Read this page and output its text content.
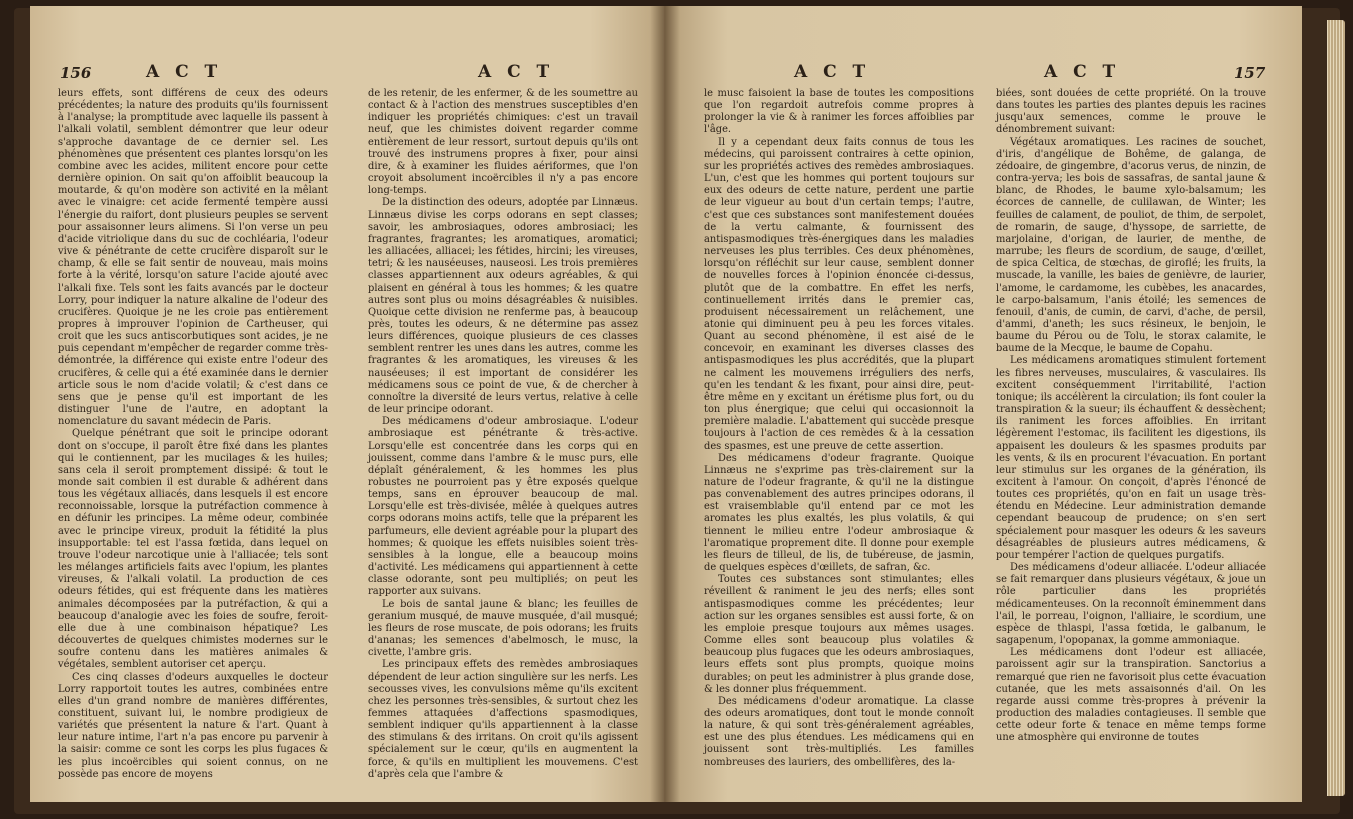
156	A C T	A C T

leurs effets, sont différens de ceux des odeurs précédentes; la nature des produits qu'ils fournissent à l'analyse; la promptitude avec laquelle ils passent à l'alkali volatil, semblent démontrer que leur odeur s'approche davantage de ce dernier sel. Les phénomènes que présentent ces plantes lorsqu'on les combine avec les acides, militent encore pour cette dernière opinion. On sait qu'on affoiblit beaucoup la moutarde, & qu'on modère son activité en la mêlant avec le vinaigre: cet acide fermenté tempère aussi l'énergie du raifort, dont plusieurs peuples se servent pour assaisonner leurs alimens. Si l'on verse un peu d'acide vitriolique dans du suc de cochléaria, l'odeur vive & pénétrante de cette crucifère disparoît sur le champ, & elle se fait sentir de nouveau, mais moins forte à la vérité, lorsqu'on sature l'acide ajouté avec l'alkali fixe. Tels sont les faits avancés par le docteur Lorry, pour indiquer la nature alkaline de l'odeur des crucifères. Quoique je ne les croie pas entièrement propres à improuver l'opinion de Cartheuser, qui croit que les sucs antiscorbutiques sont acides, je ne puis cependant m'empêcher de regarder comme très-démontrée, la différence qui existe entre l'odeur des crucifères, & celle qui a été examinée dans le dernier article sous le nom d'acide volatil; & c'est dans ce sens que je pense qu'il est important de les distinguer l'une de l'autre, en adoptant la nomenclature du savant médecin de Paris.

Quelque pénétrant que soit le principe odorant dont on s'occupe, il paroît être fixé dans les plantes qui le contiennent, par les mucilages & les huiles; sans cela il seroit promptement dissipé: & tout le monde sait combien il est durable & adhérent dans tous les végétaux alliacés, dans lesquels il est encore reconnoissable, lorsque la putréfaction commence à en défunir les principes. La même odeur, combinée avec le principe vireux, produit la fétidité la plus insupportable: tel est l'assa fœtida, dans lequel on trouve l'odeur narcotique unie à l'alliacée; tels sont les mélanges artificiels faits avec l'opium, les plantes vireuses, & l'alkali volatil. La production de ces odeurs fétides, qui est fréquente dans les matières animales décomposées par la putréfaction, & qui a beaucoup d'analogie avec les foies de soufre, feroit-elle due à une combinaison hépatique? Les découvertes de quelques chimistes modernes sur le soufre contenu dans les matières animales & végétales, semblent autoriser cet aperçu.

Ces cinq classes d'odeurs auxquelles le docteur Lorry rapportoit toutes les autres, combinées entre elles d'un grand nombre de manières différentes, constituent, suivant lui, le nombre prodigieux de variétés que présentent la nature & l'art. Quant à leur nature intime, l'art n'a pas encore pu parvenir à la saisir: comme ce sont les corps les plus fugaces & les plus incoërcibles qui soient connus, on ne possède pas encore de moyens

de les retenir, de les enfermer, & de les soumettre au contact & à l'action des menstrues susceptibles d'en indiquer les propriétés chimiques: c'est un travail neuf, que les chimistes doivent regarder comme entièrement de leur ressort, surtout depuis qu'ils ont trouvé des instrumens propres à fixer, pour ainsi dire, & à examiner les fluides aériformes, que l'on croyoit absolument incoërcibles il n'y a pas encore long-temps.

De la distinction des odeurs, adoptée par Linnæus. Linnæus divise les corps odorans en sept classes; savoir, les ambrosiaques, odores ambrosiaci; les fragrantes, fragrantes; les aromatiques, aromatici; les alliacées, alliacei; les fétides, hircini; les vireuses, tetri; & les nauséeuses, nauseosi. Les trois premières classes appartiennent aux odeurs agréables, & qui plaisent en général à tous les hommes; & les quatre autres sont plus ou moins désagréables & nuisibles. Quoique cette division ne renferme pas, à beaucoup près, toutes les odeurs, & ne détermine pas assez leurs différences, quoique plusieurs de ces classes semblent rentrer les unes dans les autres, comme les fragrantes & les aromatiques, les vireuses & les nauséeuses; il est important de considérer les médicamens sous ce point de vue, & de chercher à connoître la diversité de leurs vertus, relative à celle de leur principe odorant.

Des médicamens d'odeur ambrosiaque. L'odeur ambrosiaque est pénétrante & très-active. Lorsqu'elle est concentrée dans les corps qui en jouissent, comme dans l'ambre & le musc purs, elle déplaît généralement, & les hommes les plus robustes ne pourroient pas y être exposés quelque temps, sans en éprouver beaucoup de mal. Lorsqu'elle est très-divisée, mêlée à quelques autres corps odorans moins actifs, telle que la préparent les parfumeurs, elle devient agréable pour la plupart des hommes; & quoique les effets nuisibles soient très-sensibles à la longue, elle a beaucoup moins d'activité. Les médicamens qui appartiennent à cette classe odorante, sont peu multipliés; on peut les rapporter aux suivans.

Le bois de santal jaune & blanc; les feuilles de geranium musqué, de mauve musquée, d'ail musqué; les fleurs de rose muscate, de pois odorans; les fruits d'ananas; les semences d'abelmosch, le musc, la civette, l'ambre gris.

Les principaux effets des remèdes ambrosiaques dépendent de leur action singulière sur les nerfs. Les secousses vives, les convulsions même qu'ils excitent chez les personnes très-sensibles, & surtout chez les femmes attaquées d'affections spasmodiques, semblent indiquer qu'ils appartiennent à la classe des stimulans & des irritans. On croit qu'ils agissent spécialement sur le cœur, qu'ils en augmentent la force, & qu'ils en multiplient les mouvemens. C'est d'après cela que l'ambre &

A C T	A C T	157

le musc faisoient la base de toutes les compositions que l'on regardoit autrefois comme propres à prolonger la vie & à ranimer les forces affoiblies par l'âge.

Il y a cependant deux faits connus de tous les médecins, qui paroissent contraires à cette opinion, sur les propriétés actives des remèdes ambrosiaques. L'un, c'est que les hommes qui portent toujours sur eux des odeurs de cette nature, perdent une partie de leur vigueur au bout d'un certain temps; l'autre, c'est que ces substances sont manifestement douées de la vertu calmante, & fournissent des antispasmodiques très-énergiques dans les maladies nerveuses les plus terribles. Ces deux phénomènes, lorsqu'on réfléchit sur leur cause, semblent donner de nouvelles forces à l'opinion énoncée ci-dessus, plutôt que de la combattre. En effet les nerfs, continuellement irrités dans le premier cas, produisent nécessairement un relâchement, une atonie qui diminuent peu à peu les forces vitales. Quant au second phénomène, il est aisé de le concevoir, en examinant les diverses classes des antispasmodiques les plus accrédités, que la plupart ne calment les mouvemens irréguliers des nerfs, qu'en les tendant & les fixant, pour ainsi dire, peut-être même en y excitant un érétisme plus fort, ou du ton plus énergique; que celui qui occasionnoit la première maladie. L'abattement qui succède presque toujours à l'action de ces remèdes & à la cessation des spasmes, est une preuve de cette assertion.

Des médicamens d'odeur fragrante. Quoique Linnæus ne s'exprime pas très-clairement sur la nature de l'odeur fragrante, & qu'il ne la distingue pas convenablement des autres principes odorans, il est vraisemblable qu'il entend par ce mot les aromates les plus exaltés, les plus volatils, & qui tiennent le milieu entre l'odeur ambrosiaque & l'aromatique proprement dite. Il donne pour exemple les fleurs de tilleul, de lis, de tubéreuse, de jasmin, de quelques espèces d'œillets, de safran, &c.

Toutes ces substances sont stimulantes; elles réveillent & raniment le jeu des nerfs; elles sont antispasmodiques comme les précédentes; leur action sur les organes sensibles est aussi forte, & on les emploie presque toujours aux mêmes usages. Comme elles sont beaucoup plus volatiles & beaucoup plus fugaces que les odeurs ambrosiaques, leurs effets sont plus prompts, quoique moins durables; on peut les administrer à plus grande dose, & les donner plus fréquemment.

Des médicamens d'odeur aromatique. La classe des odeurs aromatiques, dont tout le monde connoît la nature, & qui sont très-généralement agréables, est une des plus étendues. Les médicamens qui en jouissent sont très-multipliés. Les familles nombreuses des lauriers, des ombellifères, des la-

biées, sont douées de cette propriété. On la trouve dans toutes les parties des plantes depuis les racines jusqu'aux semences, comme le prouve le dénombrement suivant:

Végétaux aromatiques. Les racines de souchet, d'iris, d'angélique de Bohême, de galanga, de zédoaire, de gingembre, d'acorus verus, de ninzin, de contra-yerva; les bois de sassafras, de santal jaune & blanc, de Rhodes, le baume xylo-balsamum; les écorces de cannelle, de culilawan, de Winter; les feuilles de calament, de pouliot, de thim, de serpolet, de romarin, de sauge, d'hyssope, de sarriette, de marjolaine, d'origan, de laurier, de menthe, de marrube; les fleurs de scordium, de sauge, d'œillet, de spica Celtica, de stœchas, de giroflé; les fruits, la muscade, la vanille, les baies de genièvre, de laurier, l'amome, le cardamome, les cubèbes, les anacardes, le carpo-balsamum, l'anis étoilé; les semences de fenouil, d'anis, de cumin, de carvi, d'ache, de persil, d'ammi, d'aneth; les sucs résineux, le benjoin, le baume du Pérou ou de Tolu, le storax calamite, le baume de la Mecque, le baume de Copahu.

Les médicamens aromatiques stimulent fortement les fibres nerveuses, musculaires, & vasculaires. Ils excitent conséquemment l'irritabilité, l'action tonique; ils accélèrent la circulation; ils font couler la transpiration & la sueur; ils échauffent & dessèchent; ils raniment les forces affoiblies. En irritant légèrement l'estomac, ils facilitent les digestions, ils appaisent les douleurs & les spasmes produits par les vents, & ils en procurent l'évacuation. En portant leur stimulus sur les organes de la génération, ils excitent à l'amour. On conçoit, d'après l'énoncé de toutes ces propriétés, qu'on en fait un usage très-étendu en Médecine. Leur administration demande cependant beaucoup de prudence; on s'en sert spécialement pour masquer les odeurs & les saveurs désagréables de plusieurs autres médicamens, & pour tempérer l'action de quelques purgatifs.

Des médicamens d'odeur alliacée. L'odeur alliacée se fait remarquer dans plusieurs végétaux, & joue un rôle particulier dans les propriétés médicamenteuses. On la reconnoît éminemment dans l'ail, le porreau, l'oignon, l'alliaire, le scordium, une espèce de thlaspi, l'assa fœtida, le galbanum, le sagapenum, l'opopanax, la gomme ammoniaque.

Les médicamens dont l'odeur est alliacée, paroissent agir sur la transpiration. Sanctorius a remarqué que rien ne favorisoit plus cette évacuation cutanée, que les mets assaisonnés d'ail. On les regarde aussi comme très-propres à prévenir la production des maladies contagieuses. Il semble que cette odeur forte & tenace en même temps forme une atmosphère qui environne de toutes
